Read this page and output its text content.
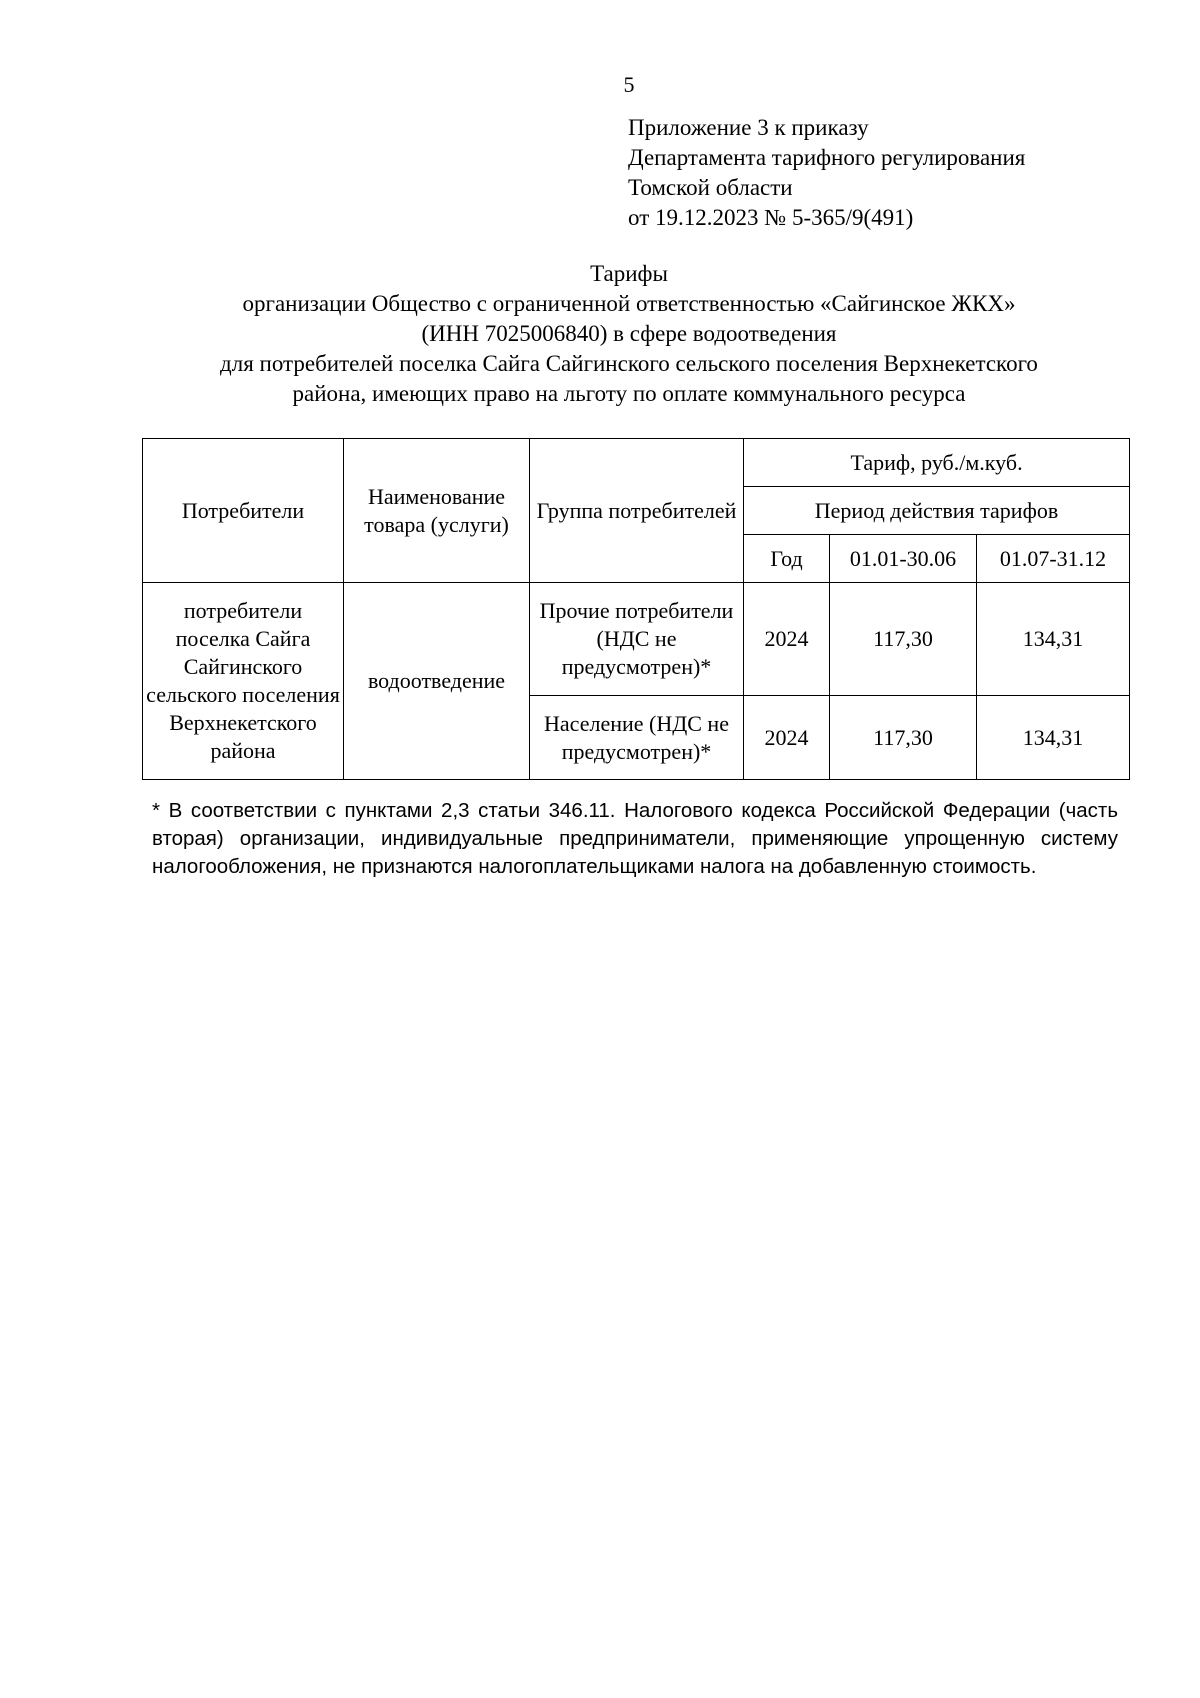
5
Приложение 3 к приказу
Департамента тарифного регулирования
Томской области
от 19.12.2023 № 5-365/9(491)
Тарифы
организации Общество с ограниченной ответственностью «Сайгинское ЖКХ»
(ИНН 7025006840) в сфере водоотведения
для потребителей поселка Сайга Сайгинского сельского поселения Верхнекетского
района, имеющих право на льготу по оплате коммунального ресурса
Потребители	Наименование товара (услуги)	Группа потребителей	Тариф, руб./м.куб.		
			Период действия тарифов		
			Год	01.01-30.06	01.07-31.12
потребители поселка Сайга Сайгинского сельского поселения Верхнекетского района	водоотведение	Прочие потребители (НДС не предусмотрен)*	2024	117,30	134,31
		Население (НДС не предусмотрен)*	2024	117,30	134,31
* В соответствии с пунктами 2,3 статьи 346.11. Налогового кодекса Российской Федерации (часть вторая) организации, индивидуальные предприниматели, применяющие упрощенную систему налогообложения, не признаются налогоплательщиками налога на добавленную стоимость.
